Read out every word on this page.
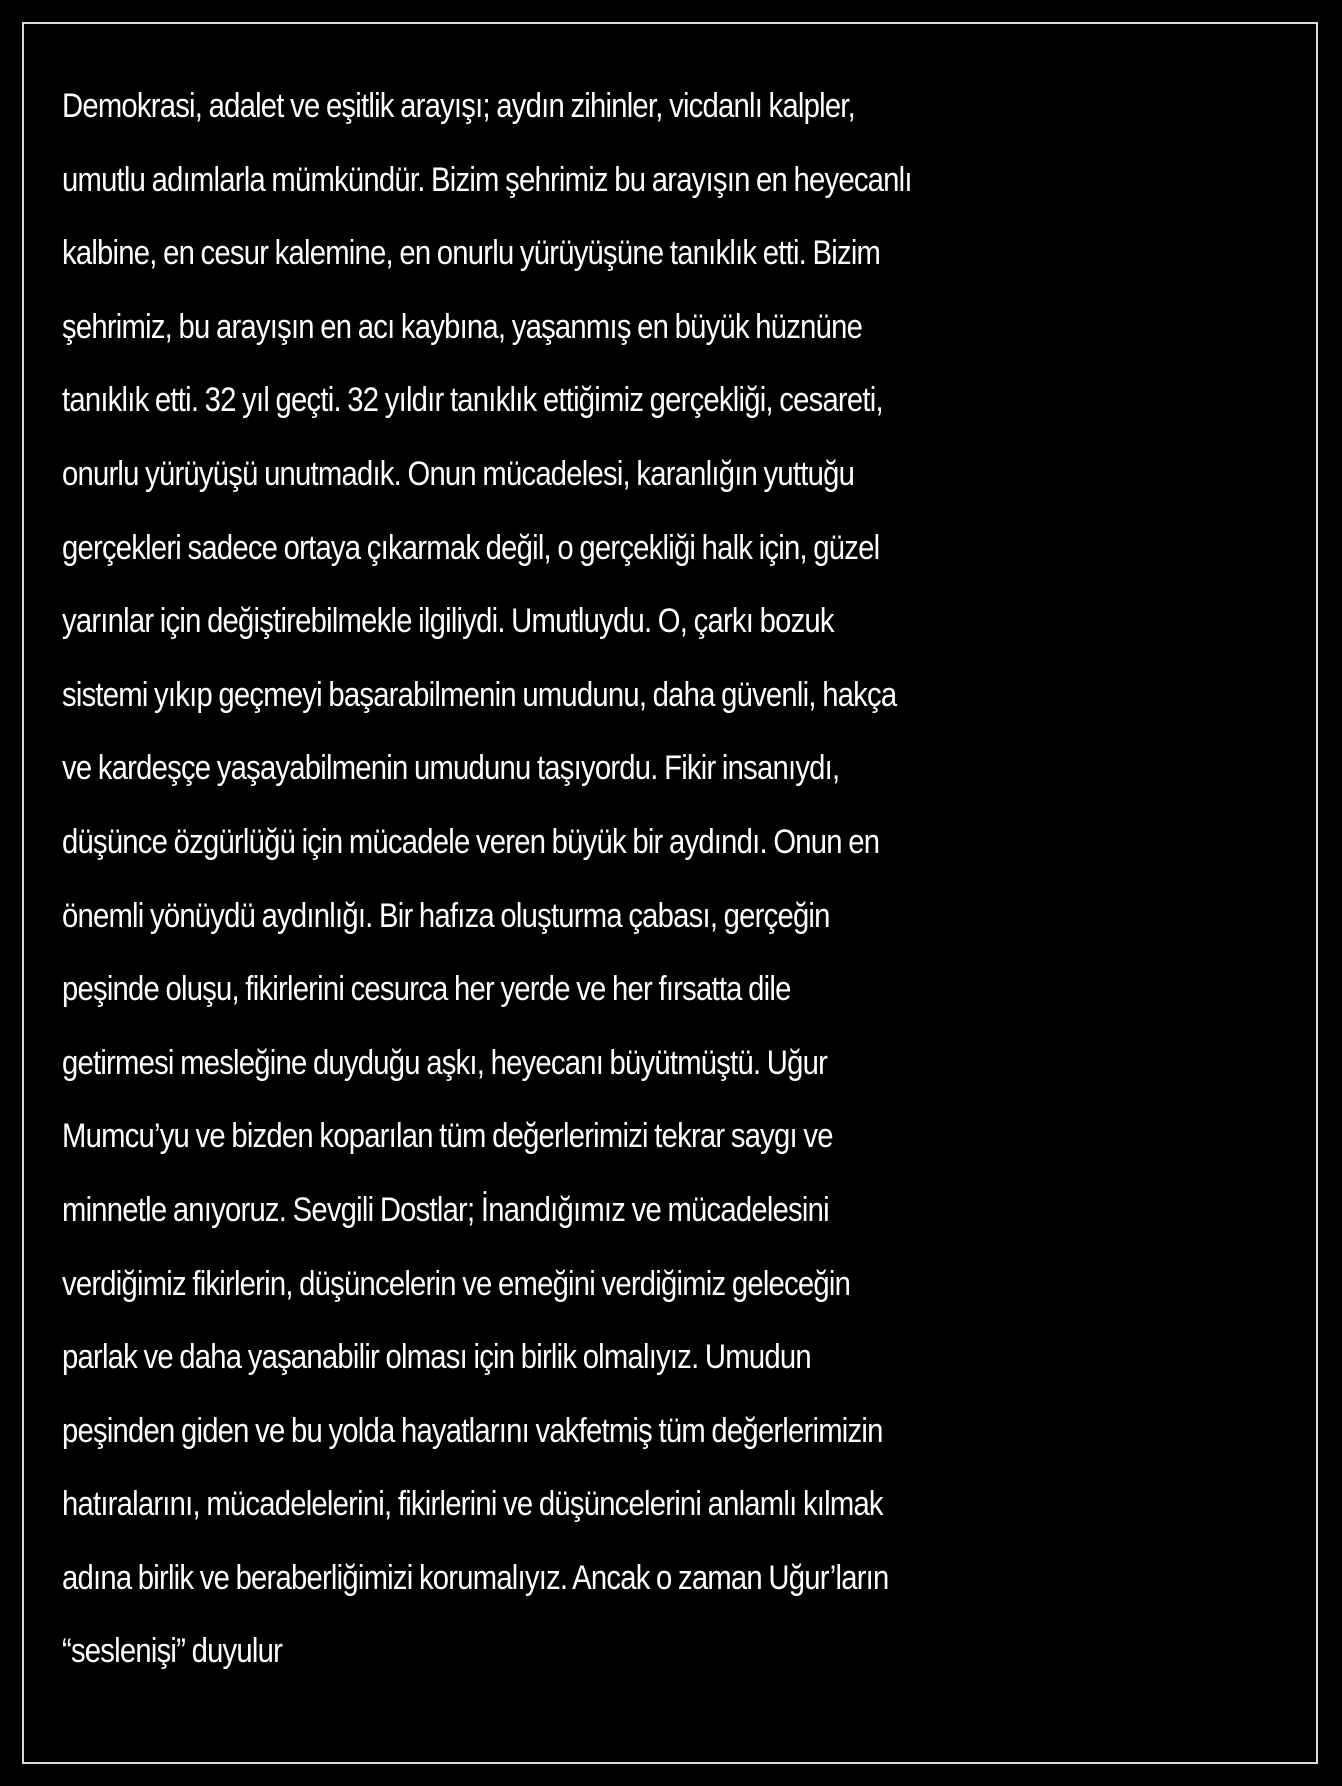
Demokrasi, adalet ve eşitlik arayışı; aydın zihinler, vicdanlı kalpler,
umutlu adımlarla mümkündür. Bizim şehrimiz bu arayışın en heyecanlı
kalbine, en cesur kalemine, en onurlu yürüyüşüne tanıklık etti. Bizim
şehrimiz, bu arayışın en acı kaybına, yaşanmış en büyük hüznüne
tanıklık etti. 32 yıl geçti. 32 yıldır tanıklık ettiğimiz gerçekliği, cesareti,
onurlu yürüyüşü unutmadık. Onun mücadelesi, karanlığın yuttuğu
gerçekleri sadece ortaya çıkarmak değil, o gerçekliği halk için, güzel
yarınlar için değiştirebilmekle ilgiliydi. Umutluydu. O, çarkı bozuk
sistemi yıkıp geçmeyi başarabilmenin umudunu, daha güvenli, hakça
ve kardeşçe yaşayabilmenin umudunu taşıyordu. Fikir insanıydı,
düşünce özgürlüğü için mücadele veren büyük bir aydındı. Onun en
önemli yönüydü aydınlığı. Bir hafıza oluşturma çabası, gerçeğin
peşinde oluşu, fikirlerini cesurca her yerde ve her fırsatta dile
getirmesi mesleğine duyduğu aşkı, heyecanı büyütmüştü. Uğur
Mumcu’yu ve bizden koparılan tüm değerlerimizi tekrar saygı ve
minnetle anıyoruz. Sevgili Dostlar; İnandığımız ve mücadelesini
verdiğimiz fikirlerin, düşüncelerin ve emeğini verdiğimiz geleceğin
parlak ve daha yaşanabilir olması için birlik olmalıyız. Umudun
peşinden giden ve bu yolda hayatlarını vakfetmiş tüm değerlerimizin
hatıralarını, mücadelelerini, fikirlerini ve düşüncelerini anlamlı kılmak
adına birlik ve beraberliğimizi korumalıyız. Ancak o zaman Uğur’ların
“seslenişi” duyulur
